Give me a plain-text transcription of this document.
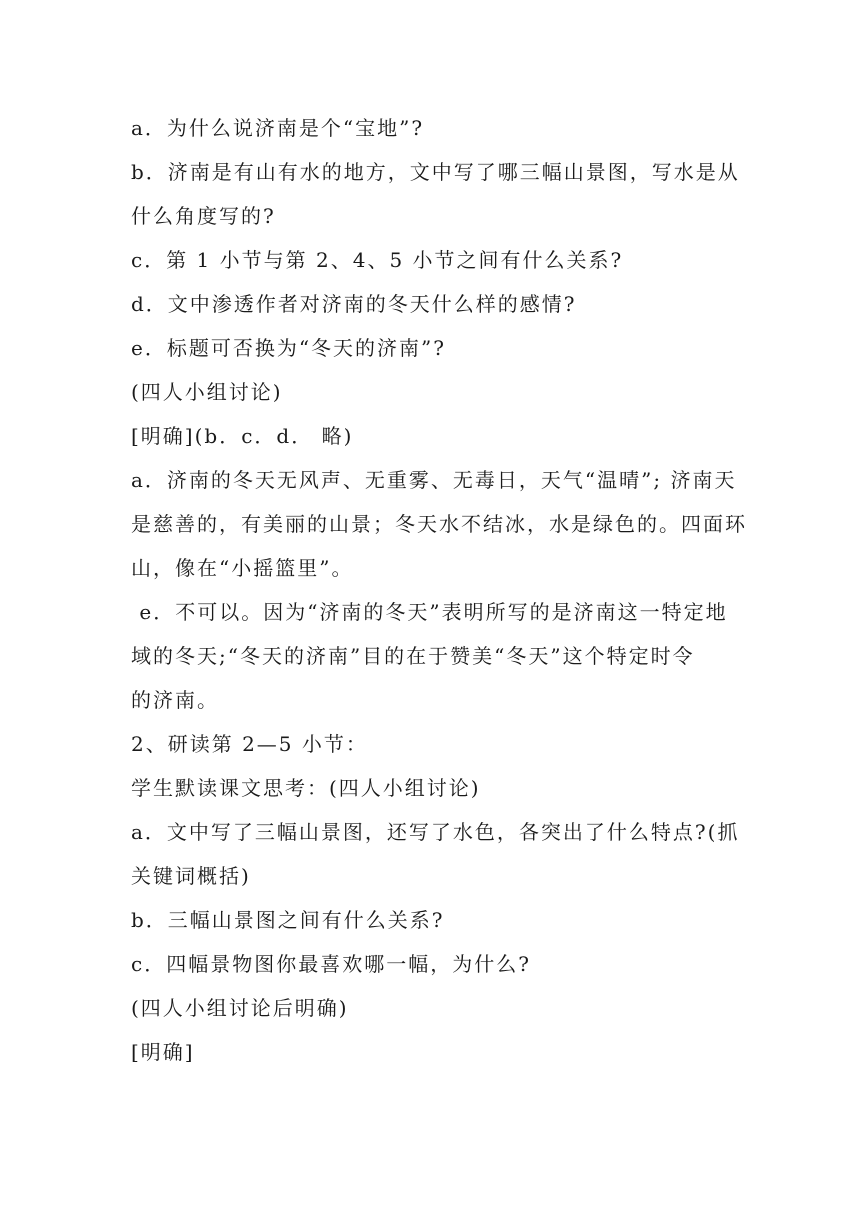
a．为什么说济南是个“宝地”?
b．济南是有山有水的地方，文中写了哪三幅山景图，写水是从
什么角度写的?
c．第 1 小节与第 2、4、5 小节之间有什么关系?
d．文中渗透作者对济南的冬天什么样的感情?
e．标题可否换为“冬天的济南”?
(四人小组讨论)
[明确](b．c．d． 略)
a．济南的冬天无风声、无重雾、无毒日，天气“温晴”; 济南天
是慈善的，有美丽的山景；冬天水不结冰，水是绿色的。四面环
山，像在“小摇篮里”。
e．不可以。因为“济南的冬天”表明所写的是济南这一特定地
域的冬天;“冬天的济南”目的在于赞美“冬天”这个特定时令
的济南。
2、研读第 2—5 小节：
学生默读课文思考：(四人小组讨论)
a．文中写了三幅山景图，还写了水色，各突出了什么特点?(抓
关键词概括)
b．三幅山景图之间有什么关系?
c．四幅景物图你最喜欢哪一幅，为什么?
(四人小组讨论后明确)
[明确]
